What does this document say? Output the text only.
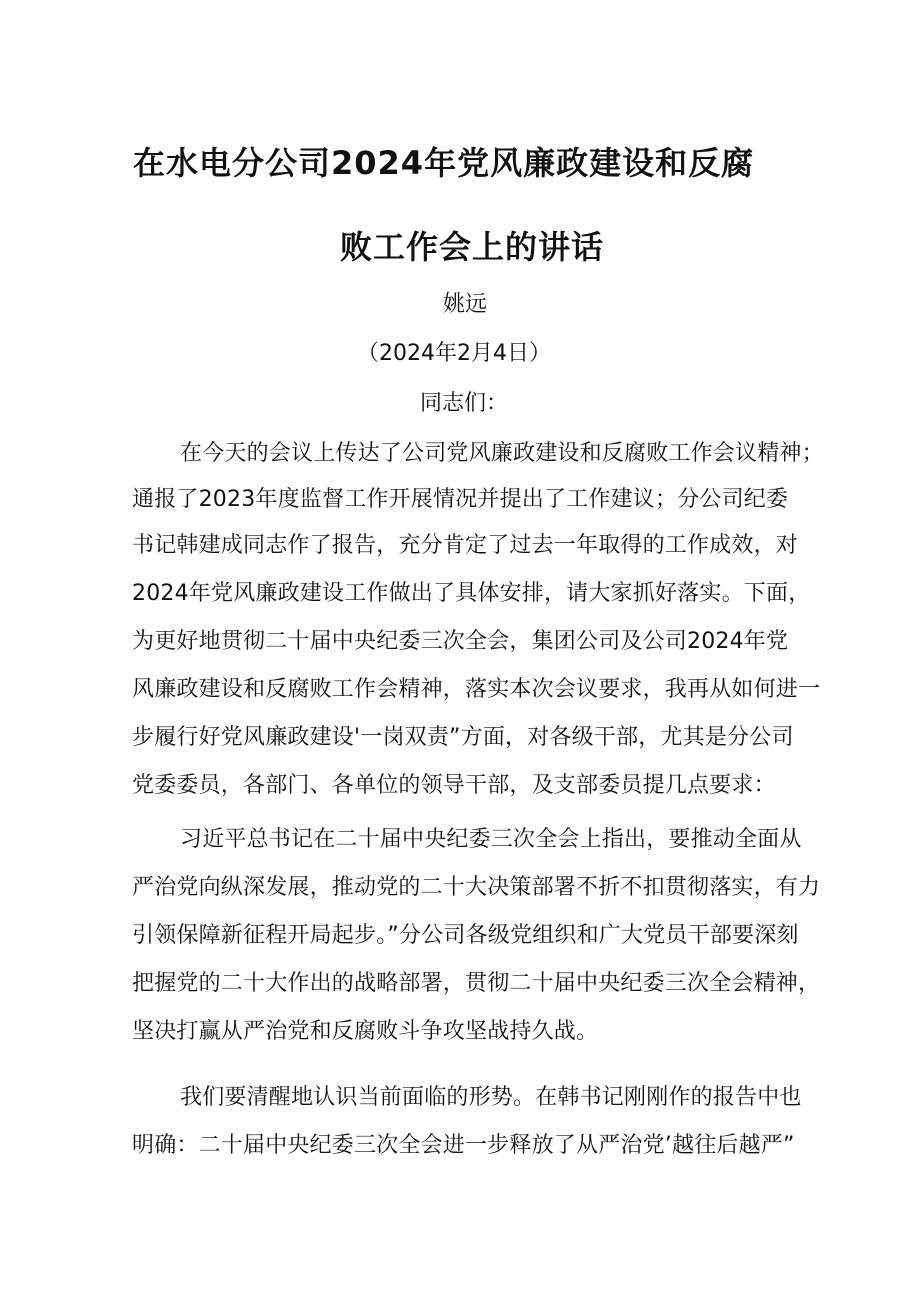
在水电分公司2024年党风廉政建设和反腐
败工作会上的讲话
姚远
（2024年2月4日）
同志们：
在今天的会议上传达了公司党风廉政建设和反腐败工作会议精神；
通报了2023年度监督工作开展情况并提出了工作建议；分公司纪委
书记韩建成同志作了报告，充分肯定了过去一年取得的工作成效，对
2024年党风廉政建设工作做出了具体安排，请大家抓好落实。下面，
为更好地贯彻二十届中央纪委三次全会，集团公司及公司2024年党
风廉政建设和反腐败工作会精神，落实本次会议要求，我再从如何进一
步履行好党风廉政建设'一岗双责”方面，对各级干部，尤其是分公司
党委委员，各部门、各单位的领导干部，及支部委员提几点要求：
习近平总书记在二十届中央纪委三次全会上指出，要推动全面从
严治党向纵深发展，推动党的二十大决策部署不折不扣贯彻落实，有力
引领保障新征程开局起步。”分公司各级党组织和广大党员干部要深刻
把握党的二十大作出的战略部署，贯彻二十届中央纪委三次全会精神，
坚决打赢从严治党和反腐败斗争攻坚战持久战。
我们要清醒地认识当前面临的形势。在韩书记刚刚作的报告中也
明确：二十届中央纪委三次全会进一步释放了从严治党’越往后越严”
